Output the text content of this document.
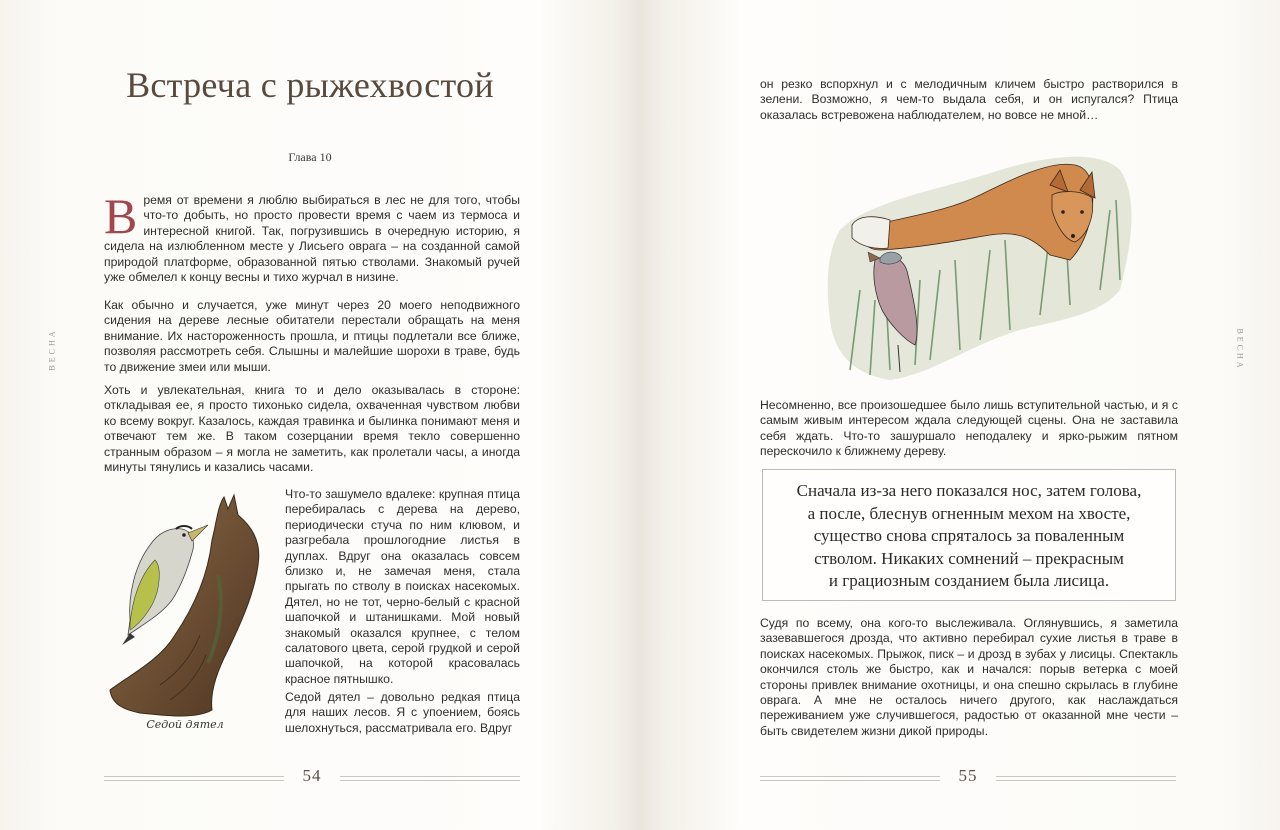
ВЕСНА
Встреча с рыжехвостой
Глава 10

Время от времени я люблю выбираться в лес не для того, чтобы что-то добыть, но просто провести время с чаем из термоса и интересной книгой. Так, погрузившись в очередную историю, я сидела на излюбленном месте у Лисьего оврага – на созданной самой природой платформе, образованной пятью стволами. Знакомый ручей уже обмелел к концу весны и тихо журчал в низине.

Как обычно и случается, уже минут через 20 моего неподвижного сидения на дереве лесные обитатели перестали обращать на меня внимание. Их настороженность прошла, и птицы подлетали все ближе, позволяя рассмотреть себя. Слышны и малейшие шорохи в траве, будь то движение змеи или мыши.

Хоть и увлекательная, книга то и дело оказывалась в стороне: откладывая ее, я просто тихонько сидела, охваченная чувством любви ко всему вокруг. Казалось, каждая травинка и былинка понимают меня и отвечают тем же. В таком созерцании время текло совершенно странным образом – я могла не заметить, как пролетали часы, а иногда минуты тянулись и казались часами.

Седой дятел

Что-то зашумело вдалеке: крупная птица перебиралась с дерева на дерево, периодически стуча по ним клювом, и разгребала прошлогодние листья в дуплах. Вдруг она оказалась совсем близко и, не замечая меня, стала прыгать по стволу в поисках насекомых. Дятел, но не тот, черно-белый с красной шапочкой и штанишками. Мой новый знакомый оказался крупнее, с телом салатового цвета, серой грудкой и серой шапочкой, на которой красовалась красное пятнышко.

Седой дятел – довольно редкая птица для наших лесов. Я с упоением, боясь шелохнуться, рассматривала его. Вдруг

54
ВЕСНА

он резко вспорхнул и с мелодичным кличем быстро растворился в зелени. Возможно, я чем-то выдала себя, и он испугался? Птица оказалась встревожена наблюдателем, но вовсе не мной…

Несомненно, все произошедшее было лишь вступительной частью, и я с самым живым интересом ждала следующей сцены. Она не заставила себя ждать. Что-то зашуршало неподалеку и ярко-рыжим пятном перескочило к ближнему дереву.

Сначала из-за него показался нос, затем голова,
а после, блеснув огненным мехом на хвосте,
существо снова спряталось за поваленным
стволом. Никаких сомнений – прекрасным
и грациозным созданием была лисица.

Судя по всему, она кого-то выслеживала. Оглянувшись, я заметила зазевавшегося дрозда, что активно перебирал сухие листья в траве в поисках насекомых. Прыжок, писк – и дрозд в зубах у лисицы. Спектакль окончился столь же быстро, как и начался: порыв ветерка с моей стороны привлек внимание охотницы, и она спешно скрылась в глубине оврага. А мне не осталось ничего другого, как наслаждаться переживанием уже случившегося, радостью от оказанной мне чести – быть свидетелем жизни дикой природы.

55
